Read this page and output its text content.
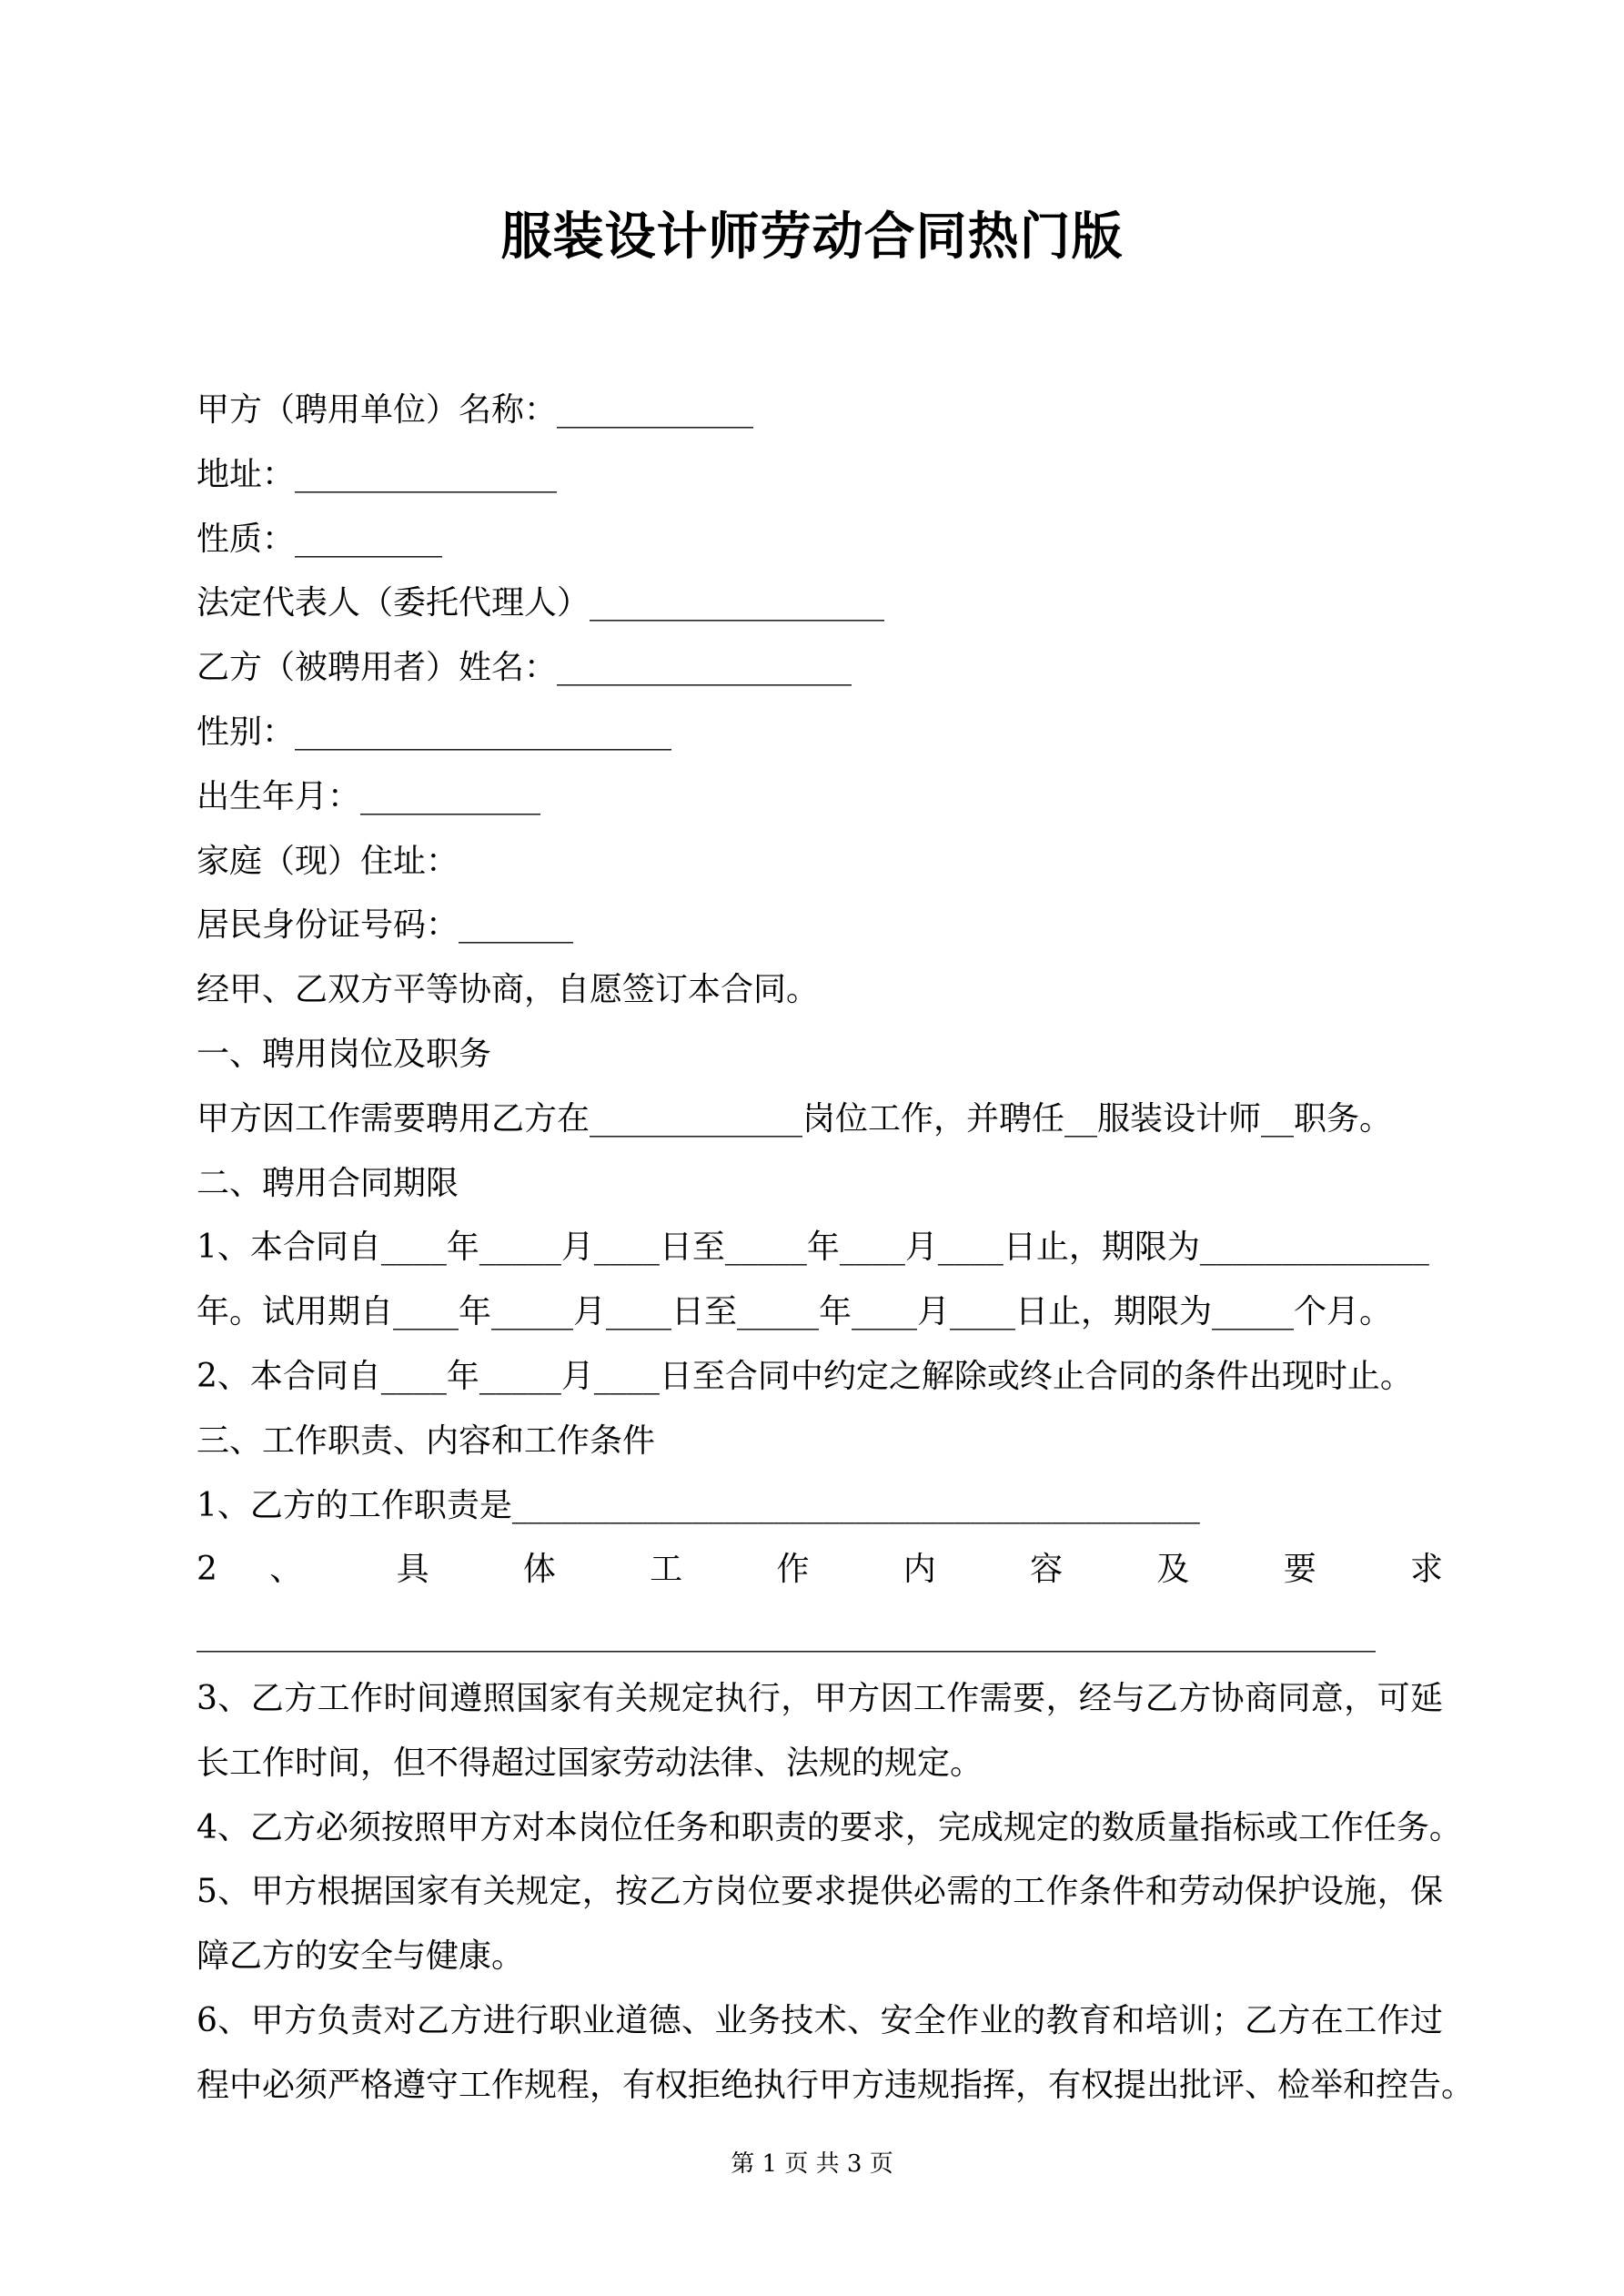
服装设计师劳动合同热门版
甲方（聘用单位）名称：____________
地址：________________
性质：_________
法定代表人（委托代理人）__________________
乙方（被聘用者）姓名：__________________
性别：_______________________
出生年月：___________
家庭（现）住址：
居民身份证号码：_______
经甲、乙双方平等协商，自愿签订本合同。
一、聘用岗位及职务
甲方因工作需要聘用乙方在_____________岗位工作，并聘任__服装设计师__职务。
二、聘用合同期限
1、本合同自____年_____月____日至_____年____月____日止，期限为______________
年。试用期自____年_____月____日至_____年____月____日止，期限为_____个月。
2、本合同自____年_____月____日至合同中约定之解除或终止合同的条件出现时止。
三、工作职责、内容和工作条件
1、乙方的工作职责是__________________________________________
2 、 具 体 工 作 内 容 及 要 求
________________________________________________________________________
3、乙方工作时间遵照国家有关规定执行，甲方因工作需要，经与乙方协商同意，可延
长工作时间，但不得超过国家劳动法律、法规的规定。
4、乙方必须按照甲方对本岗位任务和职责的要求，完成规定的数质量指标或工作任务。
5、甲方根据国家有关规定，按乙方岗位要求提供必需的工作条件和劳动保护设施，保
障乙方的安全与健康。
6、甲方负责对乙方进行职业道德、业务技术、安全作业的教育和培训；乙方在工作过
程中必须严格遵守工作规程，有权拒绝执行甲方违规指挥，有权提出批评、检举和控告。
第 1 页 共 3 页
